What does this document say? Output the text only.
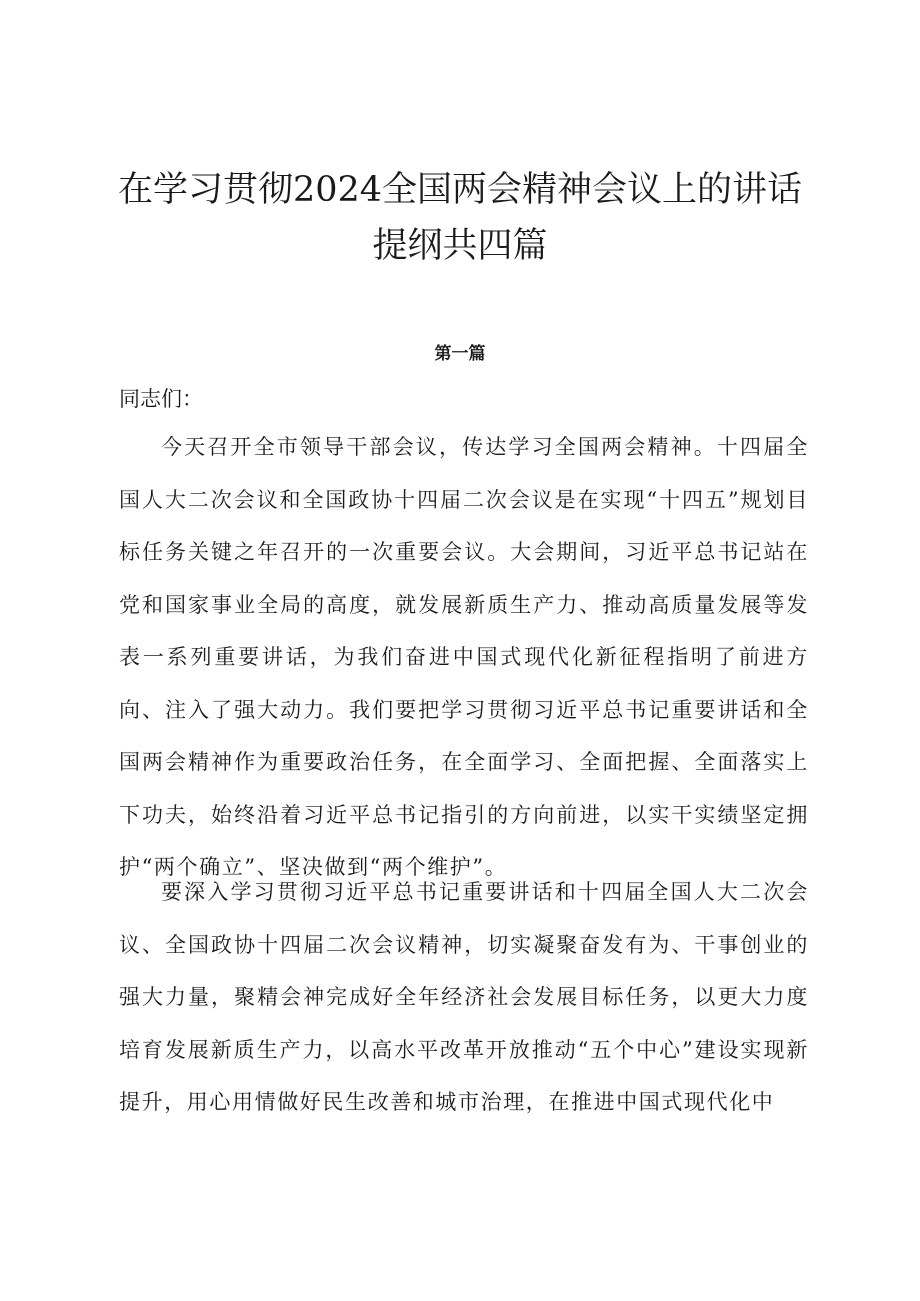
在学习贯彻2024全国两会精神会议上的讲话
提纲共四篇
第一篇
同志们：

今天召开全市领导干部会议，传达学习全国两会精神。十四届全国人大二次会议和全国政协十四届二次会议是在实现“十四五”规划目标任务关键之年召开的一次重要会议。大会期间，习近平总书记站在党和国家事业全局的高度，就发展新质生产力、推动高质量发展等发表一系列重要讲话，为我们奋进中国式现代化新征程指明了前进方向、注入了强大动力。我们要把学习贯彻习近平总书记重要讲话和全国两会精神作为重要政治任务，在全面学习、全面把握、全面落实上下功夫，始终沿着习近平总书记指引的方向前进，以实干实绩坚定拥护“两个确立”、坚决做到“两个维护”。

要深入学习贯彻习近平总书记重要讲话和十四届全国人大二次会议、全国政协十四届二次会议精神，切实凝聚奋发有为、干事创业的强大力量，聚精会神完成好全年经济社会发展目标任务，以更大力度培育发展新质生产力，以高水平改革开放推动“五个中心”建设实现新提升，用心用情做好民生改善和城市治理，在推进中国式现代化中
